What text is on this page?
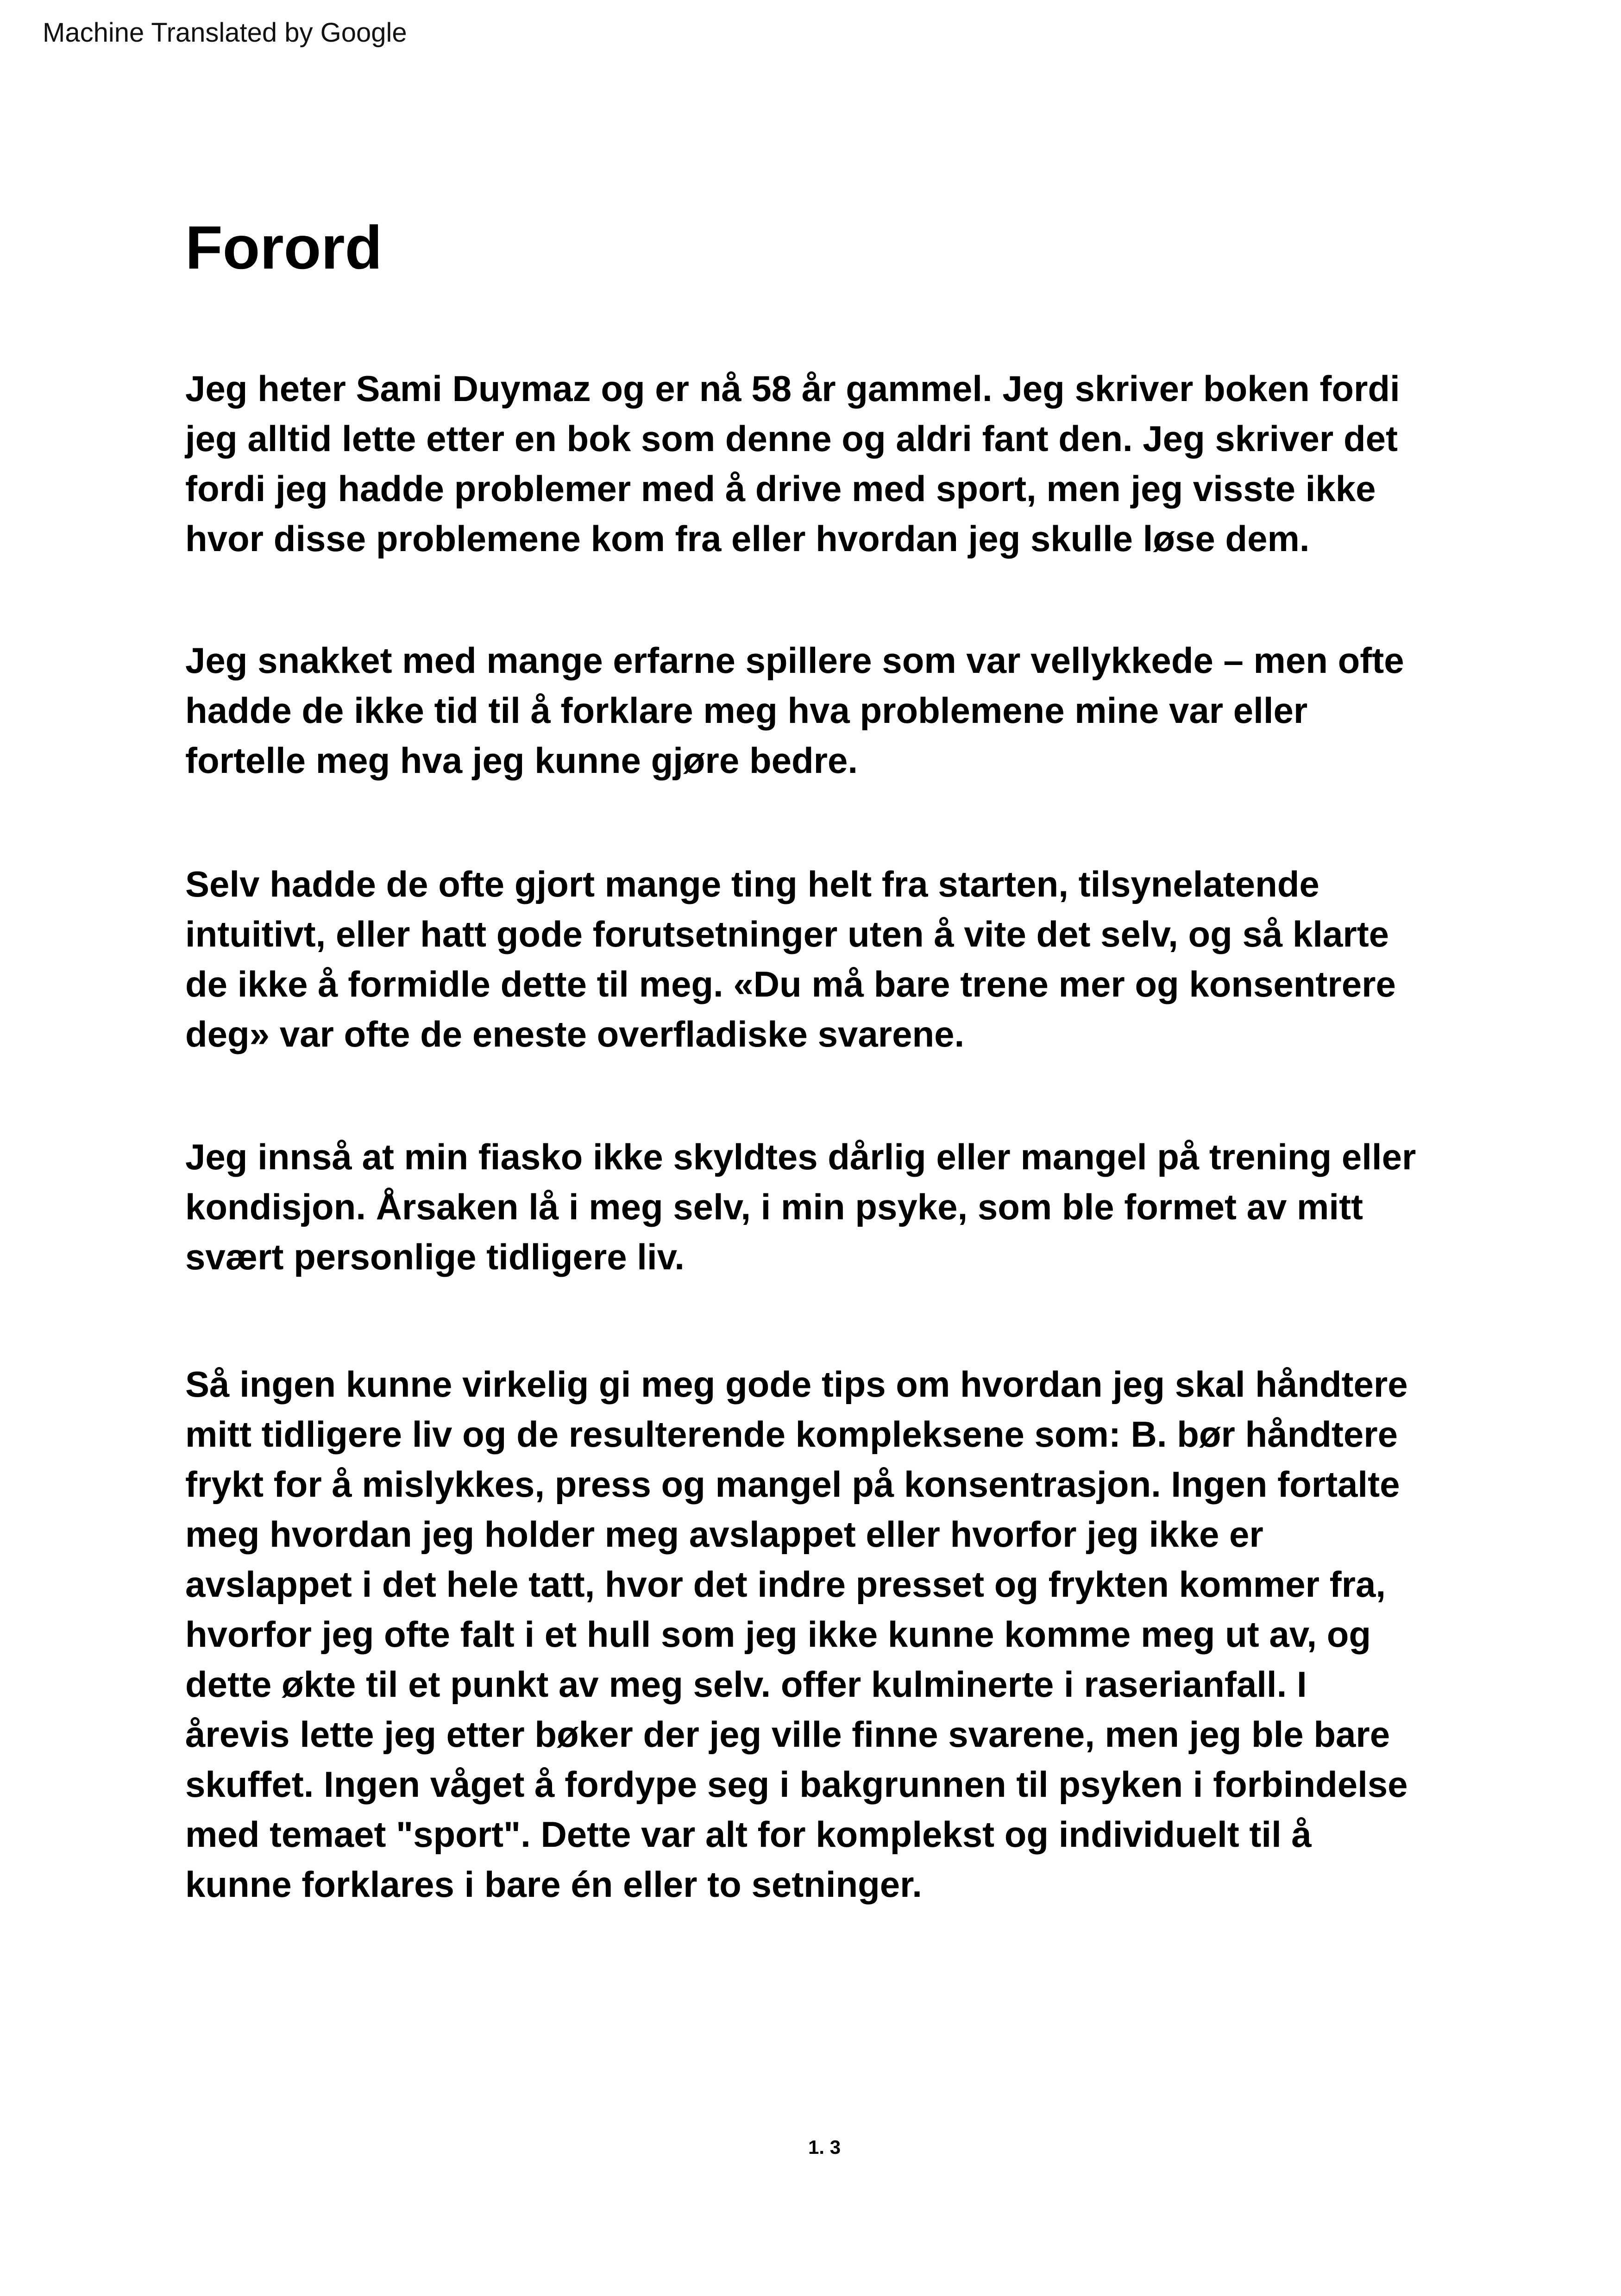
Machine Translated by Google
Forord

Jeg heter Sami Duymaz og er nå 58 år gammel. Jeg skriver boken fordi
jeg alltid lette etter en bok som denne og aldri fant den. Jeg skriver det
fordi jeg hadde problemer med å drive med sport, men jeg visste ikke
hvor disse problemene kom fra eller hvordan jeg skulle løse dem.

Jeg snakket med mange erfarne spillere som var vellykkede – men ofte
hadde de ikke tid til å forklare meg hva problemene mine var eller
fortelle meg hva jeg kunne gjøre bedre.

Selv hadde de ofte gjort mange ting helt fra starten, tilsynelatende
intuitivt, eller hatt gode forutsetninger uten å vite det selv, og så klarte
de ikke å formidle dette til meg. «Du må bare trene mer og konsentrere
deg» var ofte de eneste overfladiske svarene.

Jeg innså at min fiasko ikke skyldtes dårlig eller mangel på trening eller
kondisjon. Årsaken lå i meg selv, i min psyke, som ble formet av mitt
svært personlige tidligere liv.

Så ingen kunne virkelig gi meg gode tips om hvordan jeg skal håndtere
mitt tidligere liv og de resulterende kompleksene som: B. bør håndtere
frykt for å mislykkes, press og mangel på konsentrasjon. Ingen fortalte
meg hvordan jeg holder meg avslappet eller hvorfor jeg ikke er
avslappet i det hele tatt, hvor det indre presset og frykten kommer fra,
hvorfor jeg ofte falt i et hull som jeg ikke kunne komme meg ut av, og
dette økte til et punkt av meg selv. offer kulminerte i raserianfall. I
årevis lette jeg etter bøker der jeg ville finne svarene, men jeg ble bare
skuffet. Ingen våget å fordype seg i bakgrunnen til psyken i forbindelse
med temaet "sport". Dette var alt for komplekst og individuelt til å
kunne forklares i bare én eller to setninger.

1. 3
